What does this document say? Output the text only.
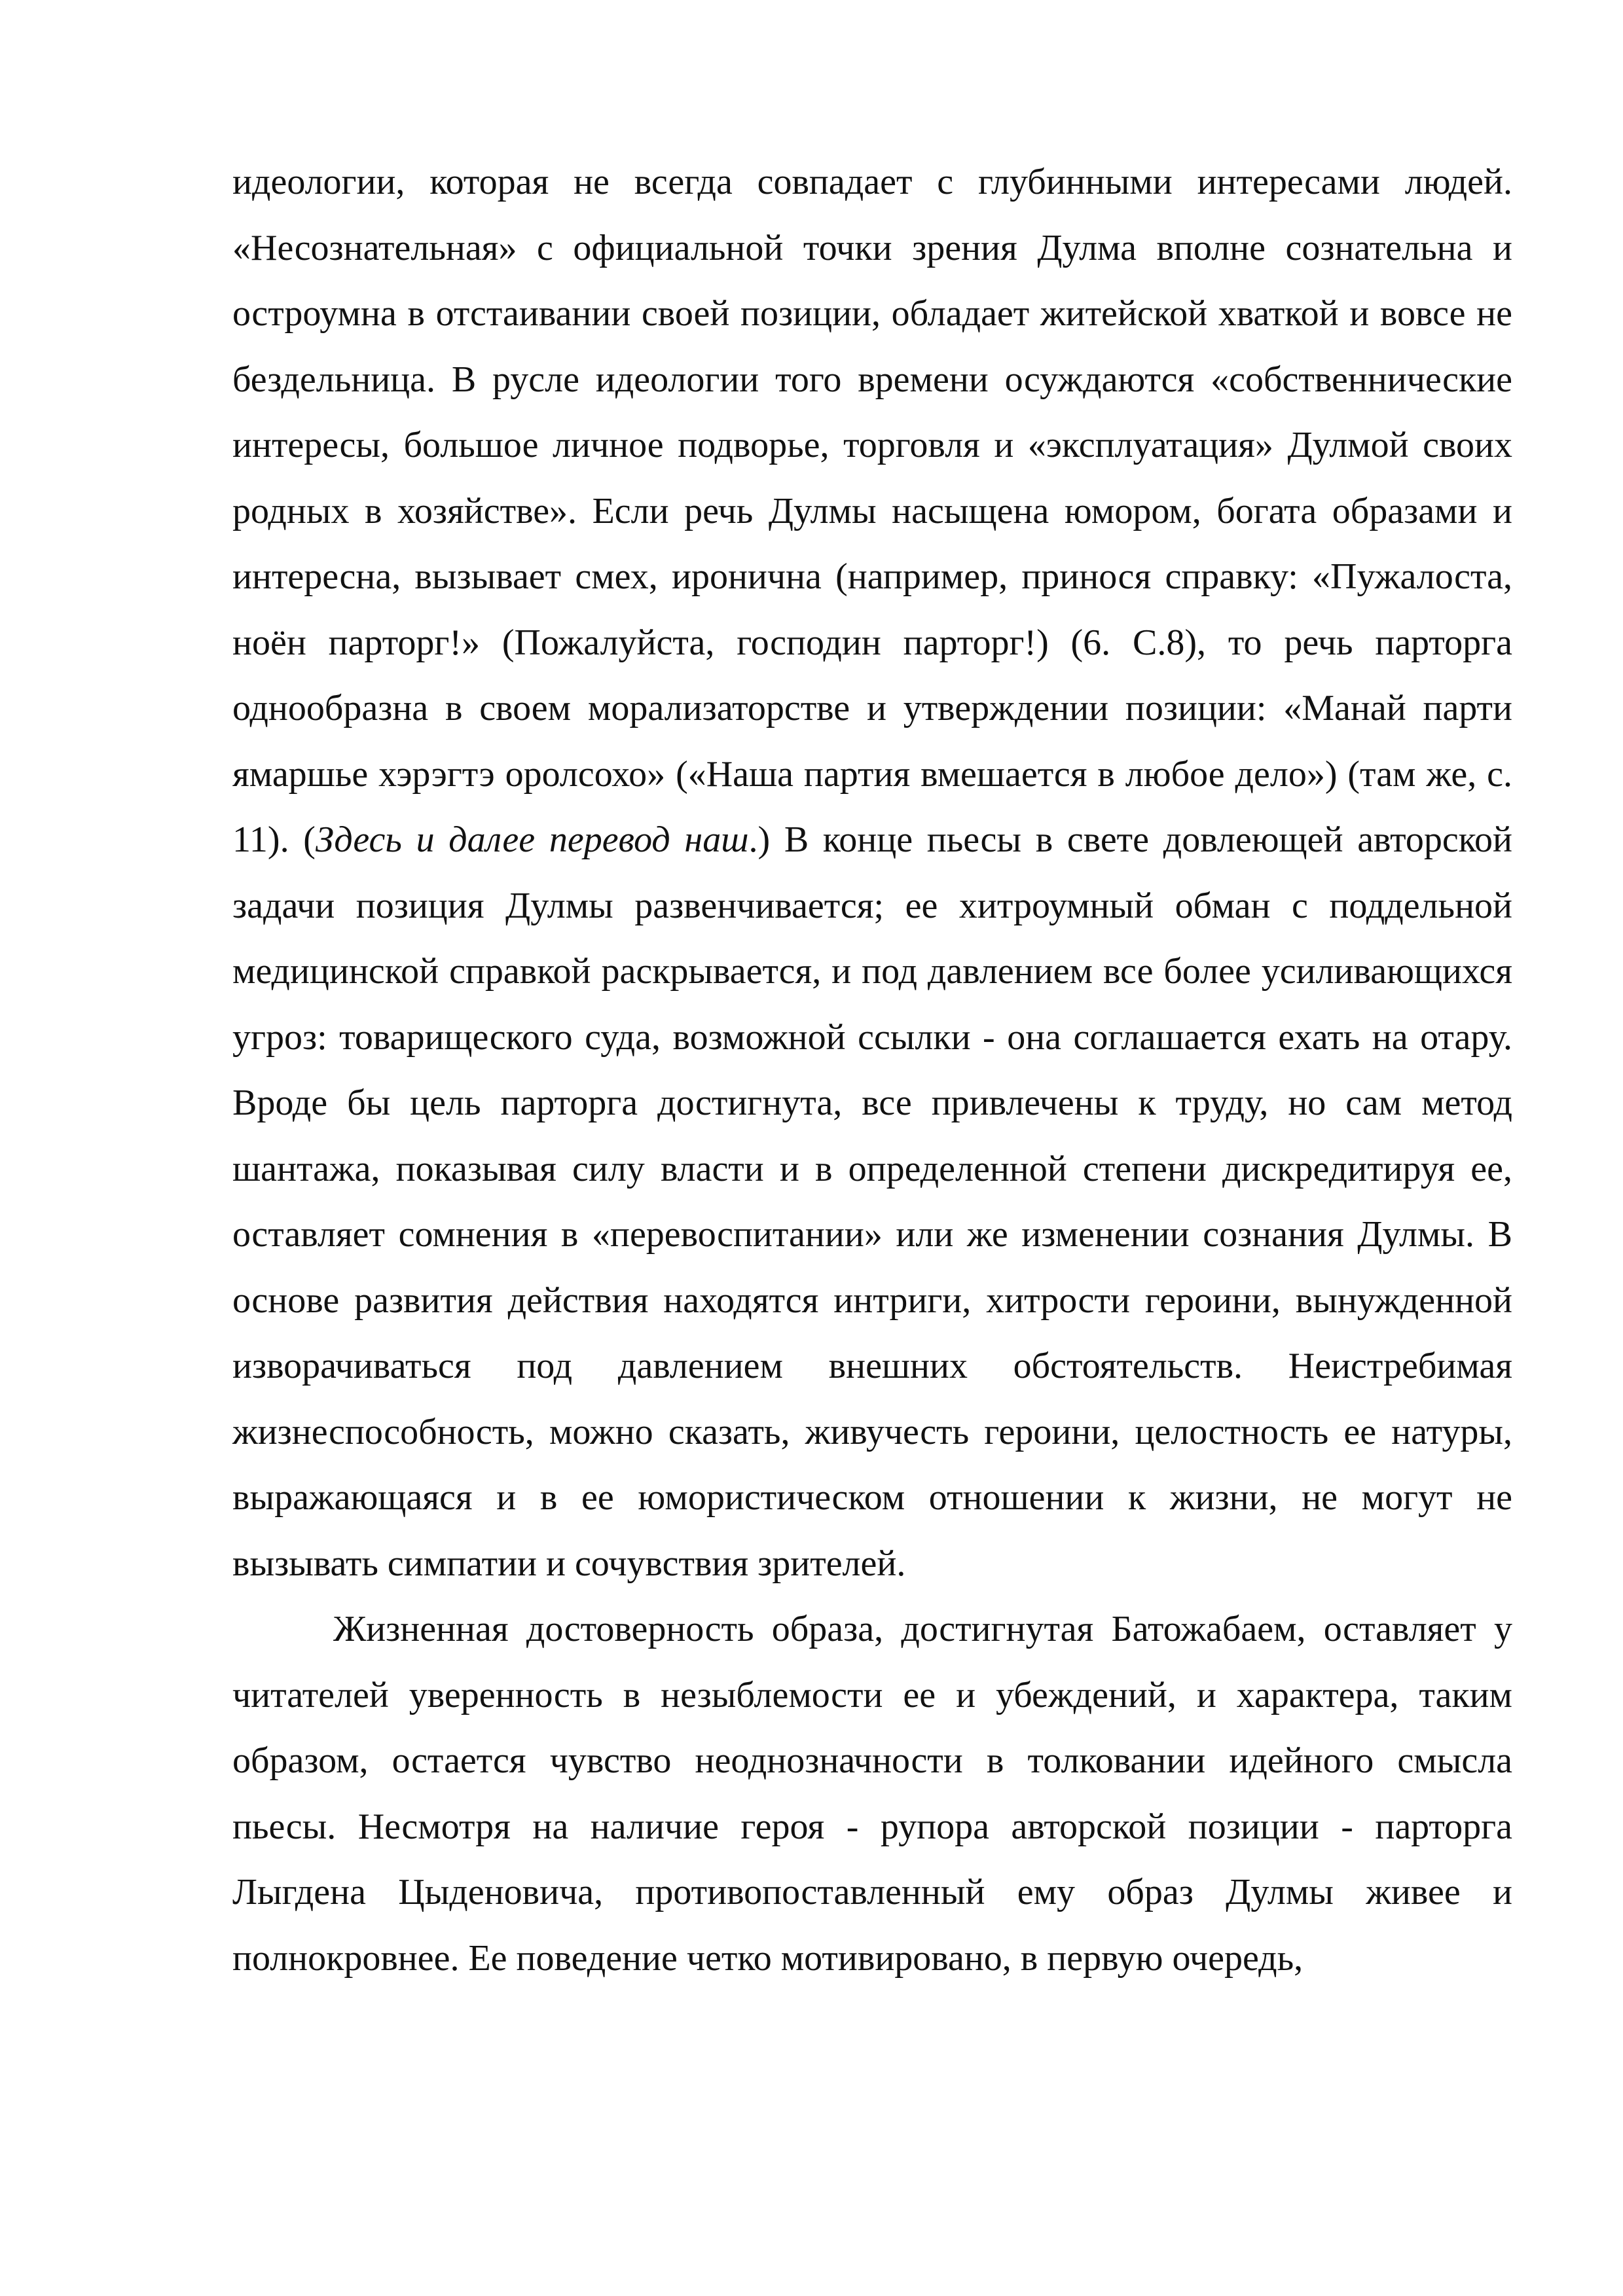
идеологии, которая не всегда совпадает с глубинными интересами людей. «Несознательная» с официальной точки зрения Дулма вполне сознательна и остроумна в отстаивании своей позиции, обладает житейской хваткой и вовсе не бездельница. В русле идеологии того времени осуждаются «собственнические интересы, большое личное подворье, торговля и «эксплуатация» Дулмой своих родных в хозяйстве». Если речь Дулмы насыщена юмором, богата образами и интересна, вызывает смех, иронична (например, принося справку: «Пужалоста, ноён парторг!» (Пожалуйста, господин парторг!) (6. С.8), то речь парторга однообразна в своем морализаторстве и утверждении позиции: «Манай парти ямаршье хэрэгтэ оролсохо» («Наша партия вмешается в любое дело») (там же, с. 11). (Здесь и далее перевод наш.) В конце пьесы в свете довлеющей авторской задачи позиция Дулмы развенчивается; ее хитроумный обман с поддельной медицинской справкой раскрывается, и под давлением все более усиливающихся угроз: товарищеского суда, возможной ссылки - она соглашается ехать на отару. Вроде бы цель парторга достигнута, все привлечены к труду, но сам метод шантажа, показывая силу власти и в определенной степени дискредитируя ее, оставляет сомнения в «перевоспитании» или же изменении сознания Дулмы. В основе развития действия находятся интриги, хитрости героини, вынужденной изворачиваться под давлением внешних обстоятельств. Неистребимая жизнеспособность, можно сказать, живучесть героини, целостность ее натуры, выражающаяся и в ее юмористическом отношении к жизни, не могут не вызывать симпатии и сочувствия зрителей.

Жизненная достоверность образа, достигнутая Батожабаем, оставляет у читателей уверенность в незыблемости ее и убеждений, и характера, таким образом, остается чувство неоднозначности в толковании идейного смысла пьесы. Несмотря на наличие героя - рупора авторской позиции - парторга Лыгдена Цыденовича, противопоставленный ему образ Дулмы живее и полнокровнее. Ее поведение четко мотивировано, в первую очередь,
